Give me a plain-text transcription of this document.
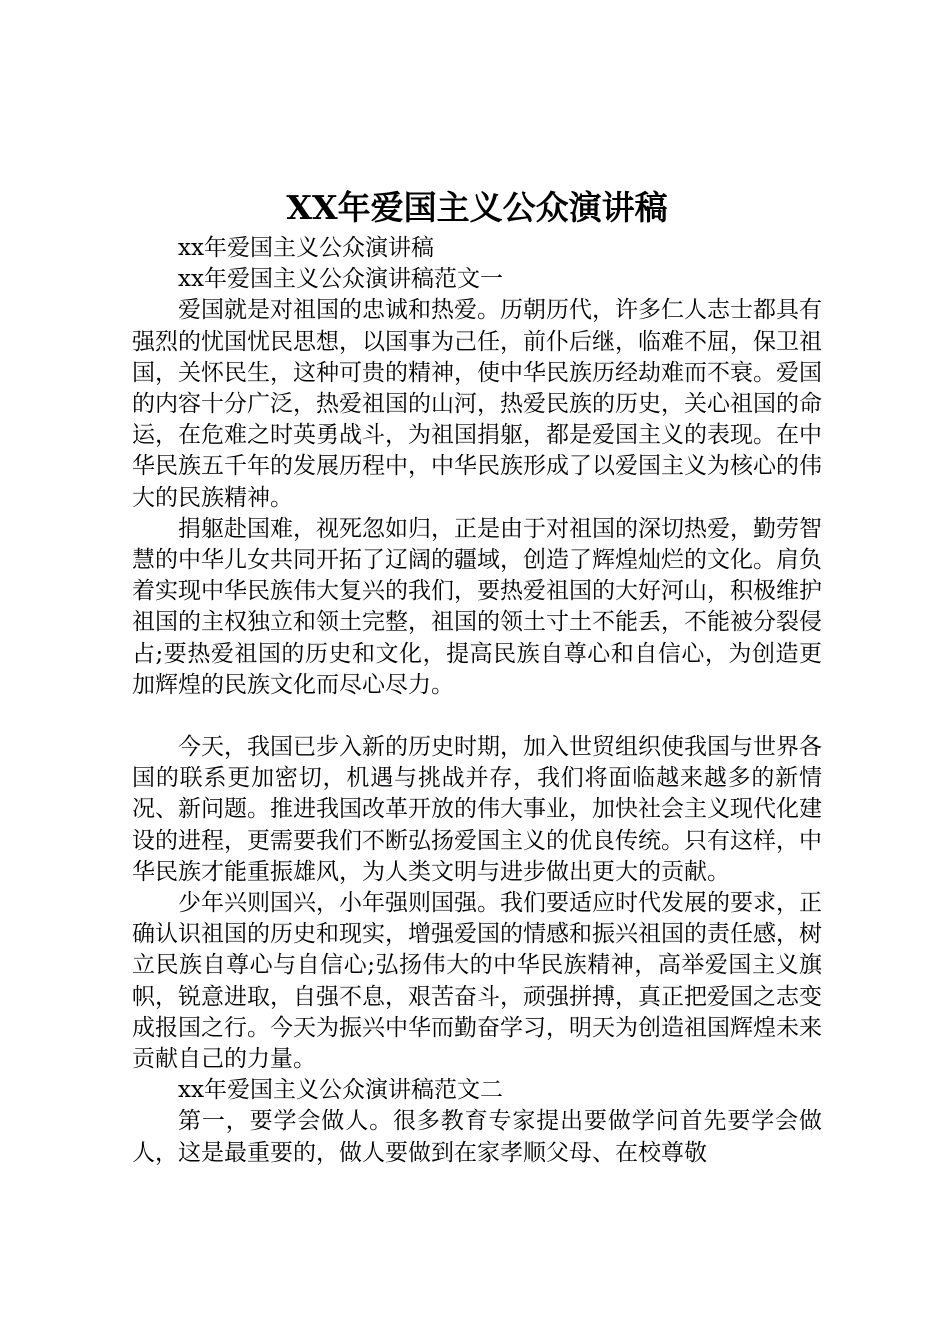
XX年爱国主义公众演讲稿

xx年爱国主义公众演讲稿

xx年爱国主义公众演讲稿范文一

爱国就是对祖国的忠诚和热爱。历朝历代，许多仁人志士都具有强烈的忧国忧民思想，以国事为己任，前仆后继，临难不屈，保卫祖国，关怀民生，这种可贵的精神，使中华民族历经劫难而不衰。爱国的内容十分广泛，热爱祖国的山河，热爱民族的历史，关心祖国的命运，在危难之时英勇战斗，为祖国捐躯，都是爱国主义的表现。在中华民族五千年的发展历程中，中华民族形成了以爱国主义为核心的伟大的民族精神。

捐躯赴国难，视死忽如归，正是由于对祖国的深切热爱，勤劳智慧的中华儿女共同开拓了辽阔的疆域，创造了辉煌灿烂的文化。肩负着实现中华民族伟大复兴的我们，要热爱祖国的大好河山，积极维护祖国的主权独立和领土完整，祖国的领土寸土不能丢，不能被分裂侵占;要热爱祖国的历史和文化，提高民族自尊心和自信心，为创造更加辉煌的民族文化而尽心尽力。

今天，我国已步入新的历史时期，加入世贸组织使我国与世界各国的联系更加密切，机遇与挑战并存，我们将面临越来越多的新情况、新问题。推进我国改革开放的伟大事业，加快社会主义现代化建设的进程，更需要我们不断弘扬爱国主义的优良传统。只有这样，中华民族才能重振雄风，为人类文明与进步做出更大的贡献。

少年兴则国兴，小年强则国强。我们要适应时代发展的要求，正确认识祖国的历史和现实，增强爱国的情感和振兴祖国的责任感，树立民族自尊心与自信心;弘扬伟大的中华民族精神，高举爱国主义旗帜，锐意进取，自强不息，艰苦奋斗，顽强拼搏，真正把爱国之志变成报国之行。今天为振兴中华而勤奋学习，明天为创造祖国辉煌未来贡献自己的力量。

xx年爱国主义公众演讲稿范文二

第一，要学会做人。很多教育专家提出要做学问首先要学会做人，这是最重要的，做人要做到在家孝顺父母、在校尊敬
